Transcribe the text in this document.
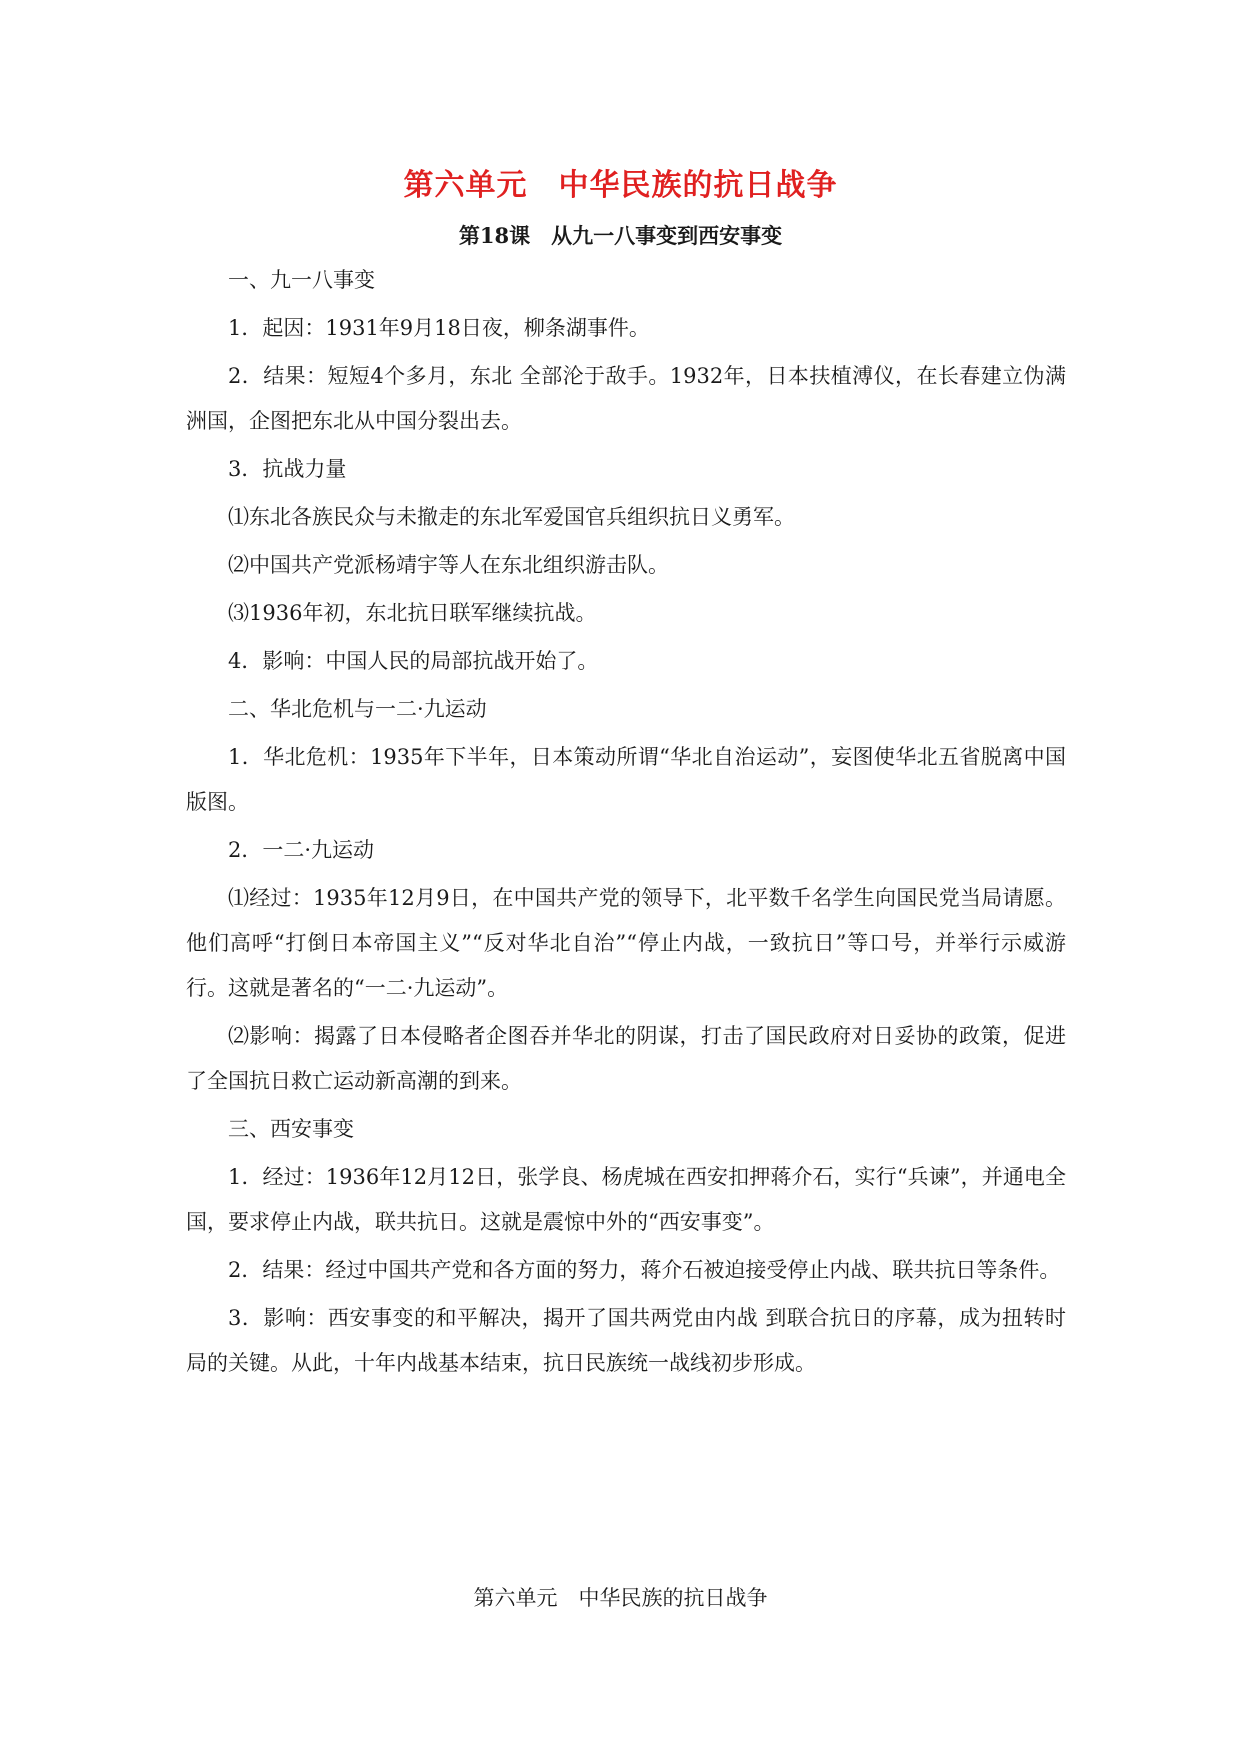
第六单元　中华民族的抗日战争
第18课　从九一八事变到西安事变

一、九一八事变

1．起因：1931年9月18日夜，柳条湖事件。

2．结果：短短4个多月，东北 全部沦于敌手。1932年，日本扶植溥仪，在长春建立伪满洲国，企图把东北从中国分裂出去。

3．抗战力量

⑴东北各族民众与未撤走的东北军爱国官兵组织抗日义勇军。

⑵中国共产党派杨靖宇等人在东北组织游击队。

⑶1936年初，东北抗日联军继续抗战。

4．影响：中国人民的局部抗战开始了。

二、华北危机与一二·九运动

1．华北危机：1935年下半年，日本策动所谓“华北自治运动”，妄图使华北五省脱离中国版图。

2．一二·九运动

⑴经过：1935年12月9日，在中国共产党的领导下，北平数千名学生向国民党当局请愿。他们高呼“打倒日本帝国主义”“反对华北自治”“停止内战，一致抗日”等口号，并举行示威游行。这就是著名的“一二·九运动”。

⑵影响：揭露了日本侵略者企图吞并华北的阴谋，打击了国民政府对日妥协的政策，促进了全国抗日救亡运动新高潮的到来。

三、西安事变

1．经过：1936年12月12日，张学良、杨虎城在西安扣押蒋介石，实行“兵谏”，并通电全国，要求停止内战，联共抗日。这就是震惊中外的“西安事变”。

2．结果：经过中国共产党和各方面的努力，蒋介石被迫接受停止内战、联共抗日等条件。

3．影响：西安事变的和平解决，揭开了国共两党由内战 到联合抗日的序幕，成为扭转时局的关键。从此，十年内战基本结束，抗日民族统一战线初步形成。

第六单元　中华民族的抗日战争
